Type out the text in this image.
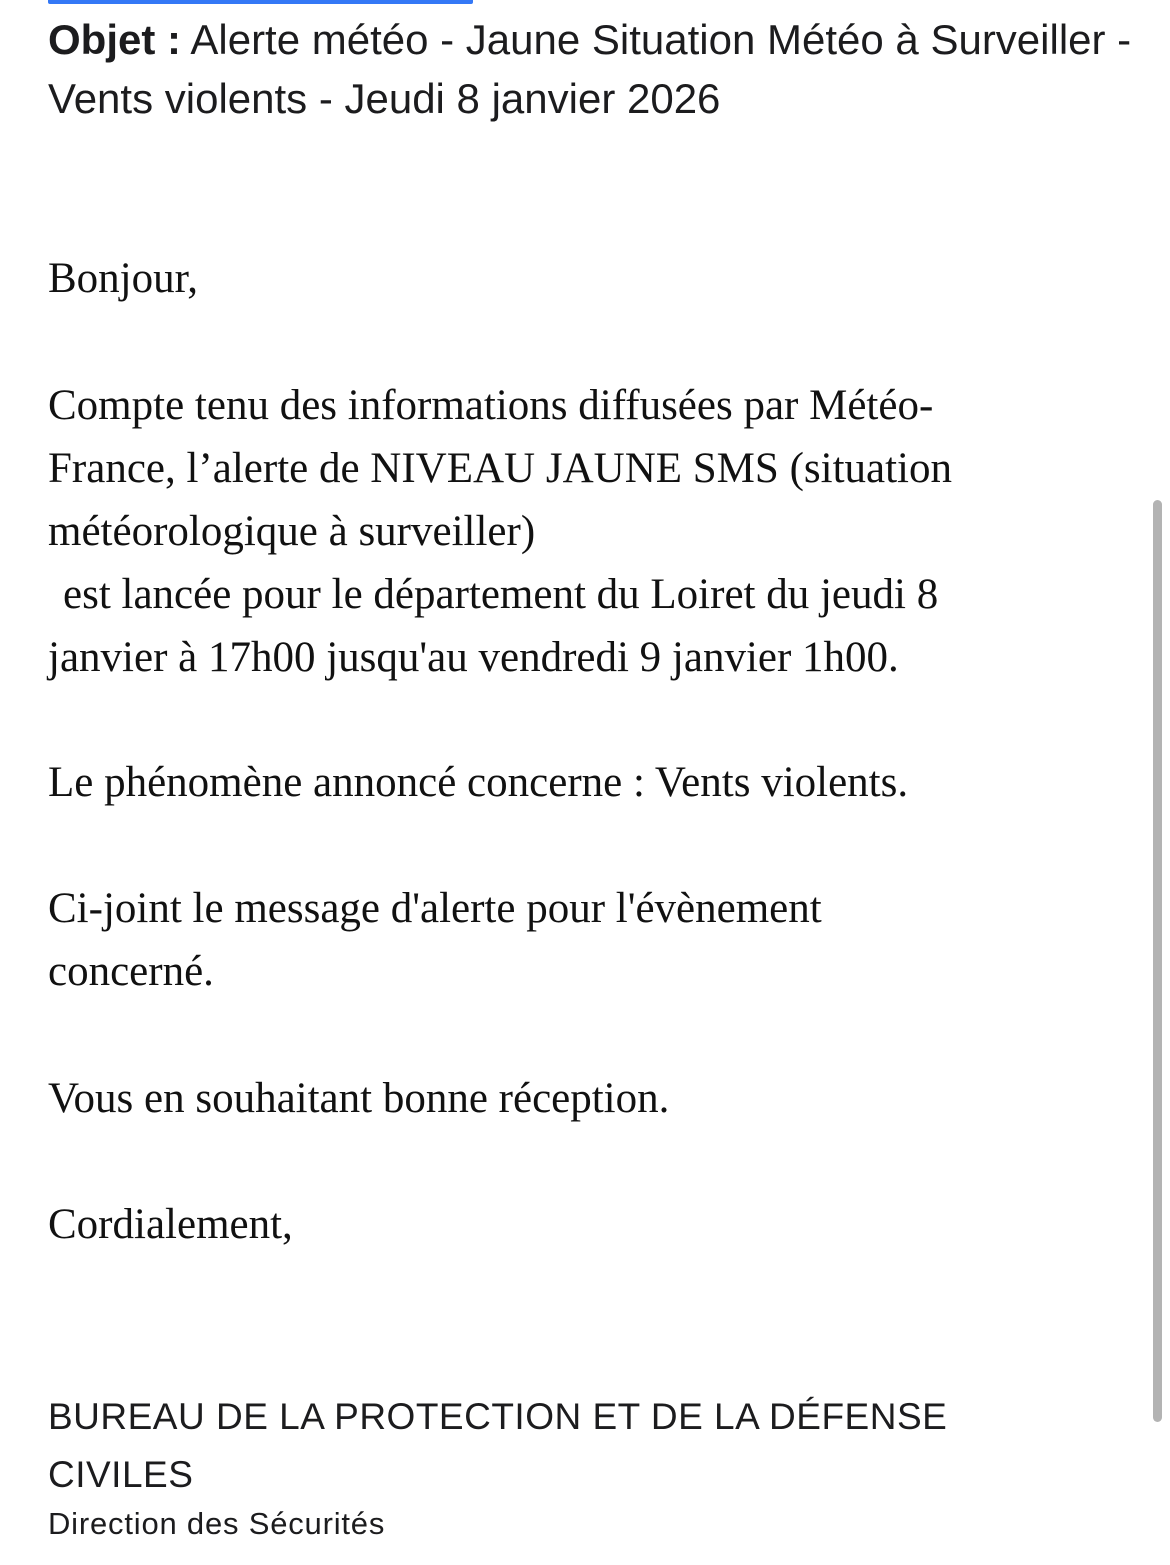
Objet : Alerte météo - Jaune Situation Météo à Surveiller - Vents violents - Jeudi 8 janvier 2026

Bonjour,

Compte tenu des informations diffusées par Météo-
France, l’alerte de NIVEAU JAUNE SMS (situation
météorologique à surveiller)
est lancée pour le département du Loiret du jeudi 8
janvier à 17h00 jusqu'au vendredi 9 janvier 1h00.

Le phénomène annoncé concerne : Vents violents.

Ci-joint le message d'alerte pour l'évènement
concerné.

Vous en souhaitant bonne réception.

Cordialement,

BUREAU DE LA PROTECTION ET DE LA DÉFENSE
CIVILES
Direction des Sécurités
